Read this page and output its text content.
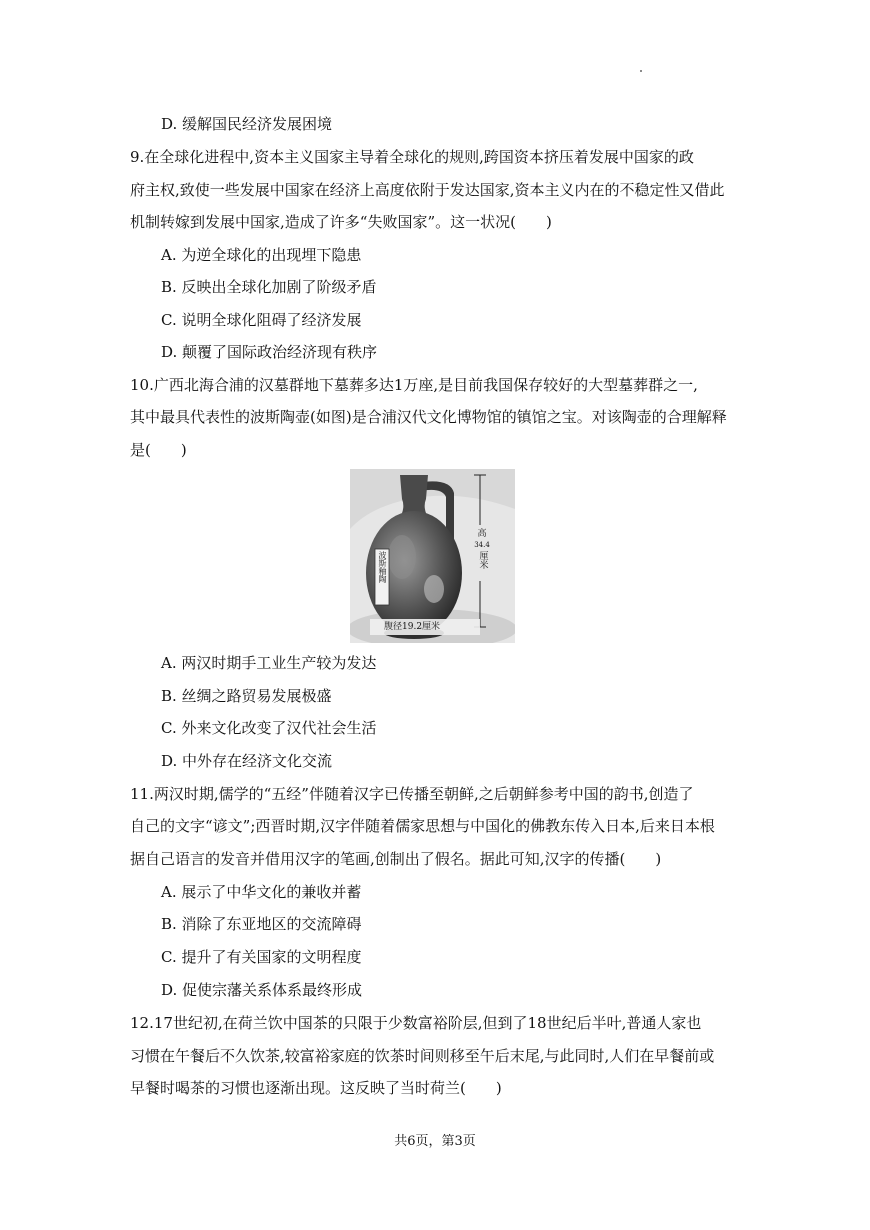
D. 缓解国民经济发展困境
9.在全球化进程中,资本主义国家主导着全球化的规则,跨国资本挤压着发展中国家的政
府主权,致使一些发展中国家在经济上高度依附于发达国家,资本主义内在的不稳定性又借此
机制转嫁到发展中国家,造成了许多“失败国家”。这一状况(　　)
A. 为逆全球化的出现埋下隐患
B. 反映出全球化加剧了阶级矛盾
C. 说明全球化阻碍了经济发展
D. 颠覆了国际政治经济现有秩序
10.广西北海合浦的汉墓群地下墓葬多达1万座,是目前我国保存较好的大型墓葬群之一,
其中最具代表性的波斯陶壶(如图)是合浦汉代文化博物馆的镇馆之宝。对该陶壶的合理解释
是(　　)
高
34.4
厘米
波斯釉陶
腹径19.2厘米
A. 两汉时期手工业生产较为发达
B. 丝绸之路贸易发展极盛
C. 外来文化改变了汉代社会生活
D. 中外存在经济文化交流
11.两汉时期,儒学的“五经”伴随着汉字已传播至朝鲜,之后朝鲜参考中国的韵书,创造了
自己的文字“谚文”;西晋时期,汉字伴随着儒家思想与中国化的佛教东传入日本,后来日本根
据自己语言的发音并借用汉字的笔画,创制出了假名。据此可知,汉字的传播(　　)
A. 展示了中华文化的兼收并蓄
B. 消除了东亚地区的交流障碍
C. 提升了有关国家的文明程度
D. 促使宗藩关系体系最终形成
12.17世纪初,在荷兰饮中国茶的只限于少数富裕阶层,但到了18世纪后半叶,普通人家也
习惯在午餐后不久饮茶,较富裕家庭的饮茶时间则移至午后末尾,与此同时,人们在早餐前或
早餐时喝茶的习惯也逐渐出现。这反映了当时荷兰(　　)
共6页，第3页
